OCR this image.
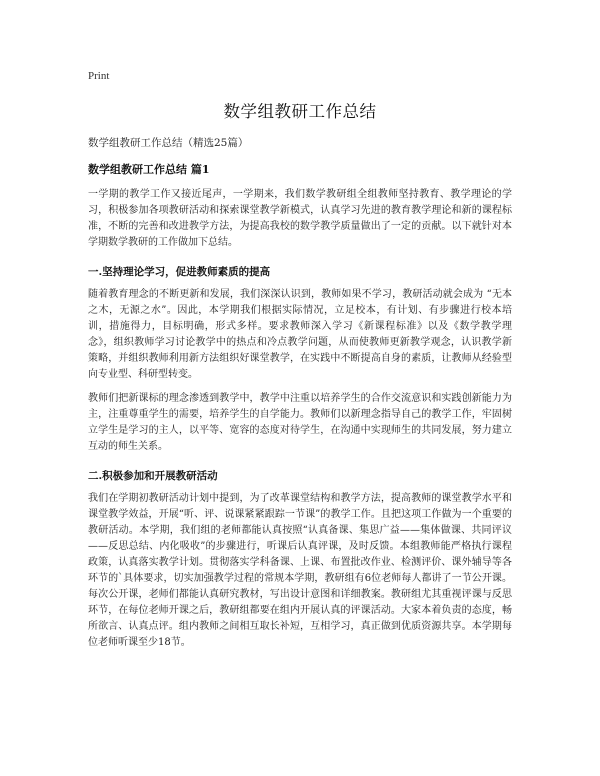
Print

数学组教研工作总结

数学组教研工作总结（精选25篇）

数学组教研工作总结 篇1

一学期的教学工作又接近尾声，一学期来，我们数学教研组全组教师坚持教育、教学理论的学习，积极参加各项教研活动和探索课堂教学新模式，认真学习先进的教育教学理论和新的课程标准，不断的完善和改进教学方法，为提高我校的数学教学质量做出了一定的贡献。以下就针对本学期数学教研的工作做加下总结。

一.坚持理论学习，促进教师素质的提高

随着教育理念的不断更新和发展，我们深深认识到，教师如果不学习，教研活动就会成为 “无本之木，无源之水”。因此，本学期我们根据实际情况，立足校本，有计划、有步骤进行校本培训，措施得力，目标明确，形式多样。要求教师深入学习《新课程标准》以及《数学教学理念》，组织教师学习讨论教学中的热点和冷点教学问题，从而使教师更新教学观念，认识教学新策略，并组织教师利用新方法组织好课堂教学，在实践中不断提高自身的素质，让教师从经验型向专业型、科研型转变。

教师们把新课标的理念渗透到教学中，教学中注重以培养学生的合作交流意识和实践创新能力为主，注重尊重学生的需要，培养学生的自学能力。教师们以新理念指导自己的教学工作，牢固树立学生是学习的主人，以平等、宽容的态度对待学生，在沟通中实现师生的共同发展，努力建立互动的师生关系。

二.积极参加和开展教研活动

我们在学期初教研活动计划中提到，为了改革课堂结构和教学方法，提高教师的课堂教学水平和课堂教学效益，开展“听、评、说课紧紧跟踪一节课”的教学工作。且把这项工作做为一个重要的教研活动。本学期，我们组的老师都能认真按照“认真备课、集思广益——集体做课、共同评议——反思总结、内化吸收”的步骤进行，听课后认真评课，及时反馈。本组教师能严格执行课程政策，认真落实教学计划。贯彻落实学科备课、上课、布置批改作业、检测评价、课外辅导等各环节的`具体要求，切实加强教学过程的常规本学期，教研组有6位老师每人都讲了一节公开课。每次公开课，老师们都能认真研究教材，写出设计意图和详细教案。教研组尤其重视评课与反思环节，在每位老师开课之后，教研组都要在组内开展认真的评课活动。大家本着负责的态度，畅所欲言、认真点评。组内教师之间相互取长补短，互相学习，真正做到优质资源共享。本学期每位老师听课至少18节。
